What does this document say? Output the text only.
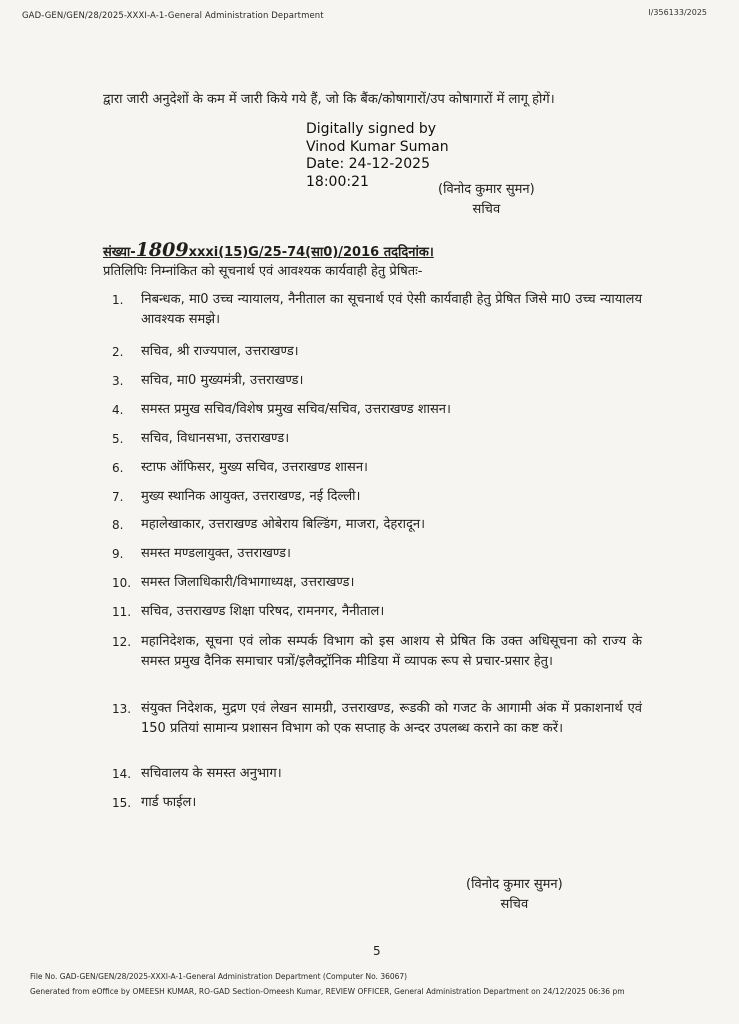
GAD-GEN/GEN/28/2025-XXXI-A-1-General Administration Department	I/356133/2025
द्वारा जारी अनुदेशों के कम में जारी किये गये हैं, जो कि बैंक/कोषागारों/उप कोषागारों में लागू होगें।
Digitally signed by
Vinod Kumar Suman
Date: 24-12-2025
18:00:21	(विनोद कुमार सुमन)
सचिव
संख्या-1809xxxi(15)G/25-74(सा0)/2016 तददिनांक।
प्रतिलिपिः निम्नांकित को सूचनार्थ एवं आवश्यक कार्यवाही हेतु प्रेषितः-
1.	निबन्धक, मा0 उच्च न्यायालय, नैनीताल का सूचनार्थ एवं ऐसी कार्यवाही हेतु प्रेषित जिसे मा0 उच्च न्यायालय आवश्यक समझे।
2.	सचिव, श्री राज्यपाल, उत्तराखण्ड।
3.	सचिव, मा0 मुख्यमंत्री, उत्तराखण्ड।
4.	समस्त प्रमुख सचिव/विशेष प्रमुख सचिव/सचिव, उत्तराखण्ड शासन।
5.	सचिव, विधानसभा, उत्तराखण्ड।
6.	स्टाफ ऑफिसर, मुख्य सचिव, उत्तराखण्ड शासन।
7.	मुख्य स्थानिक आयुक्त, उत्तराखण्ड, नई दिल्ली।
8.	महालेखाकार, उत्तराखण्ड ओबेराय बिल्डिंग, माजरा, देहरादून।
9.	समस्त मण्डलायुक्त, उत्तराखण्ड।
10. समस्त जिलाधिकारी/विभागाध्यक्ष, उत्तराखण्ड।
11. सचिव, उत्तराखण्ड शिक्षा परिषद, रामनगर, नैनीताल।
12. महानिदेशक, सूचना एवं लोक सम्पर्क विभाग को इस आशय से प्रेषित कि उक्त अधिसूचना को राज्य के समस्त प्रमुख दैनिक समाचार पत्रों/इलैक्ट्रॉनिक मीडिया में व्यापक रूप से प्रचार-प्रसार हेतु।
13. संयुक्त निदेशक, मुद्रण एवं लेखन सामग्री, उत्तराखण्ड, रूडकी को गजट के आगामी अंक में प्रकाशनार्थ एवं 150 प्रतियां सामान्य प्रशासन विभाग को एक सप्ताह के अन्दर उपलब्ध कराने का कष्ट करें।
14. सचिवालय के समस्त अनुभाग।
15. गार्ड फाईल।
(विनोद कुमार सुमन)
सचिव
5
File No. GAD-GEN/GEN/28/2025-XXXI-A-1-General Administration Department (Computer No. 36067)
Generated from eOffice by OMEESH KUMAR, RO-GAD Section-Omeesh Kumar, REVIEW OFFICER, General Administration Department on 24/12/2025 06:36 pm
